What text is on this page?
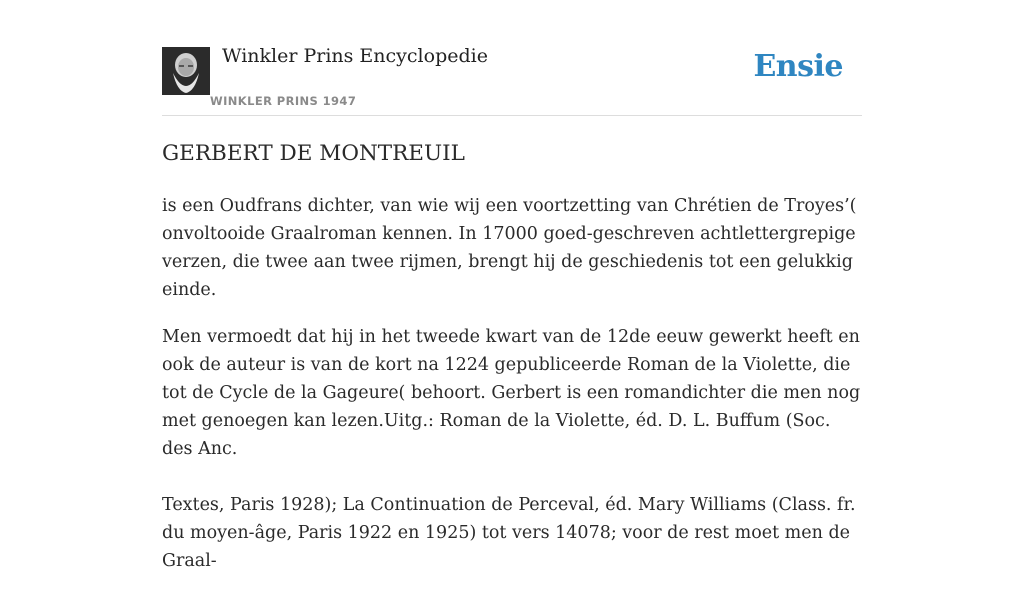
Winkler Prins Encyclopedie
WINKLER PRINS 1947
Ensie
GERBERT DE MONTREUIL

is een Oudfrans dichter, van wie wij een voortzetting van Chrétien de Troyes’( onvoltooide Graalroman kennen. In 17000 goed-geschreven achtlettergrepige verzen, die twee aan twee rijmen, brengt hij de geschiedenis tot een gelukkig einde.

Men vermoedt dat hij in het tweede kwart van de 12de eeuw gewerkt heeft en ook de auteur is van de kort na 1224 gepubliceerde Roman de la Violette, die tot de Cycle de la Gageure( behoort. Gerbert is een romandichter die men nog met genoegen kan lezen.Uitg.: Roman de la Violette, éd. D. L. Buffum (Soc. des Anc.

Textes, Paris 1928); La Continuation de Perceval, éd. Mary Williams (Class. fr. du moyen-âge, Paris 1922 en 1925) tot vers 14078; voor de rest moet men de Graal-
